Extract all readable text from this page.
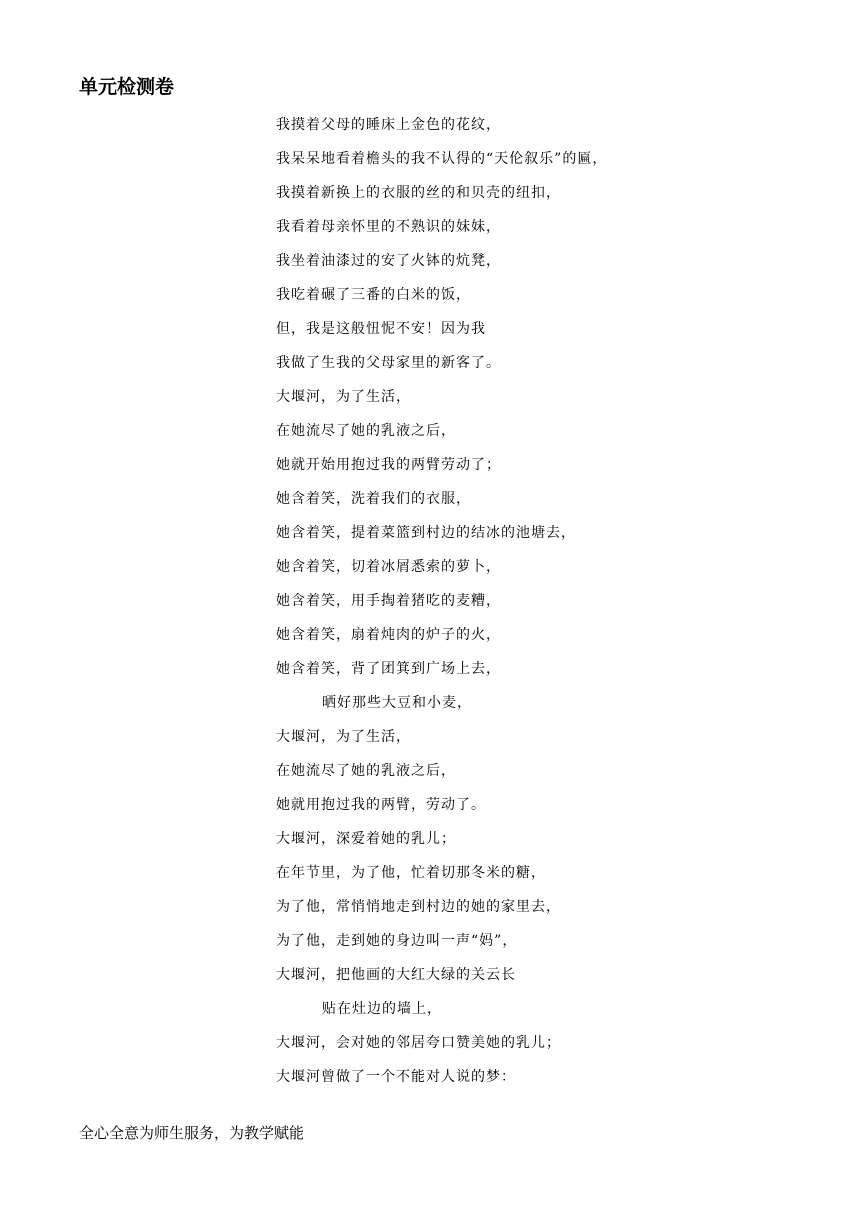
单元检测卷
我摸着父母的睡床上金色的花纹，
我呆呆地看着檐头的我不认得的“天伦叙乐”的匾，
我摸着新换上的衣服的丝的和贝壳的纽扣，
我看着母亲怀里的不熟识的妹妹，
我坐着油漆过的安了火钵的炕凳，
我吃着碾了三番的白米的饭，
但，我是这般忸怩不安！因为我
我做了生我的父母家里的新客了。
大堰河，为了生活，
在她流尽了她的乳液之后，
她就开始用抱过我的两臂劳动了；
她含着笑，洗着我们的衣服，
她含着笑，提着菜篮到村边的结冰的池塘去，
她含着笑，切着冰屑悉索的萝卜，
她含着笑，用手掏着猪吃的麦糟，
她含着笑，扇着炖肉的炉子的火，
她含着笑，背了团箕到广场上去，
晒好那些大豆和小麦，
大堰河，为了生活，
在她流尽了她的乳液之后，
她就用抱过我的两臂，劳动了。
大堰河，深爱着她的乳儿；
在年节里，为了他，忙着切那冬米的糖，
为了他，常悄悄地走到村边的她的家里去，
为了他，走到她的身边叫一声“妈”，
大堰河，把他画的大红大绿的关云长
贴在灶边的墙上，
大堰河，会对她的邻居夸口赞美她的乳儿；
大堰河曾做了一个不能对人说的梦：
全心全意为师生服务，为教学赋能
